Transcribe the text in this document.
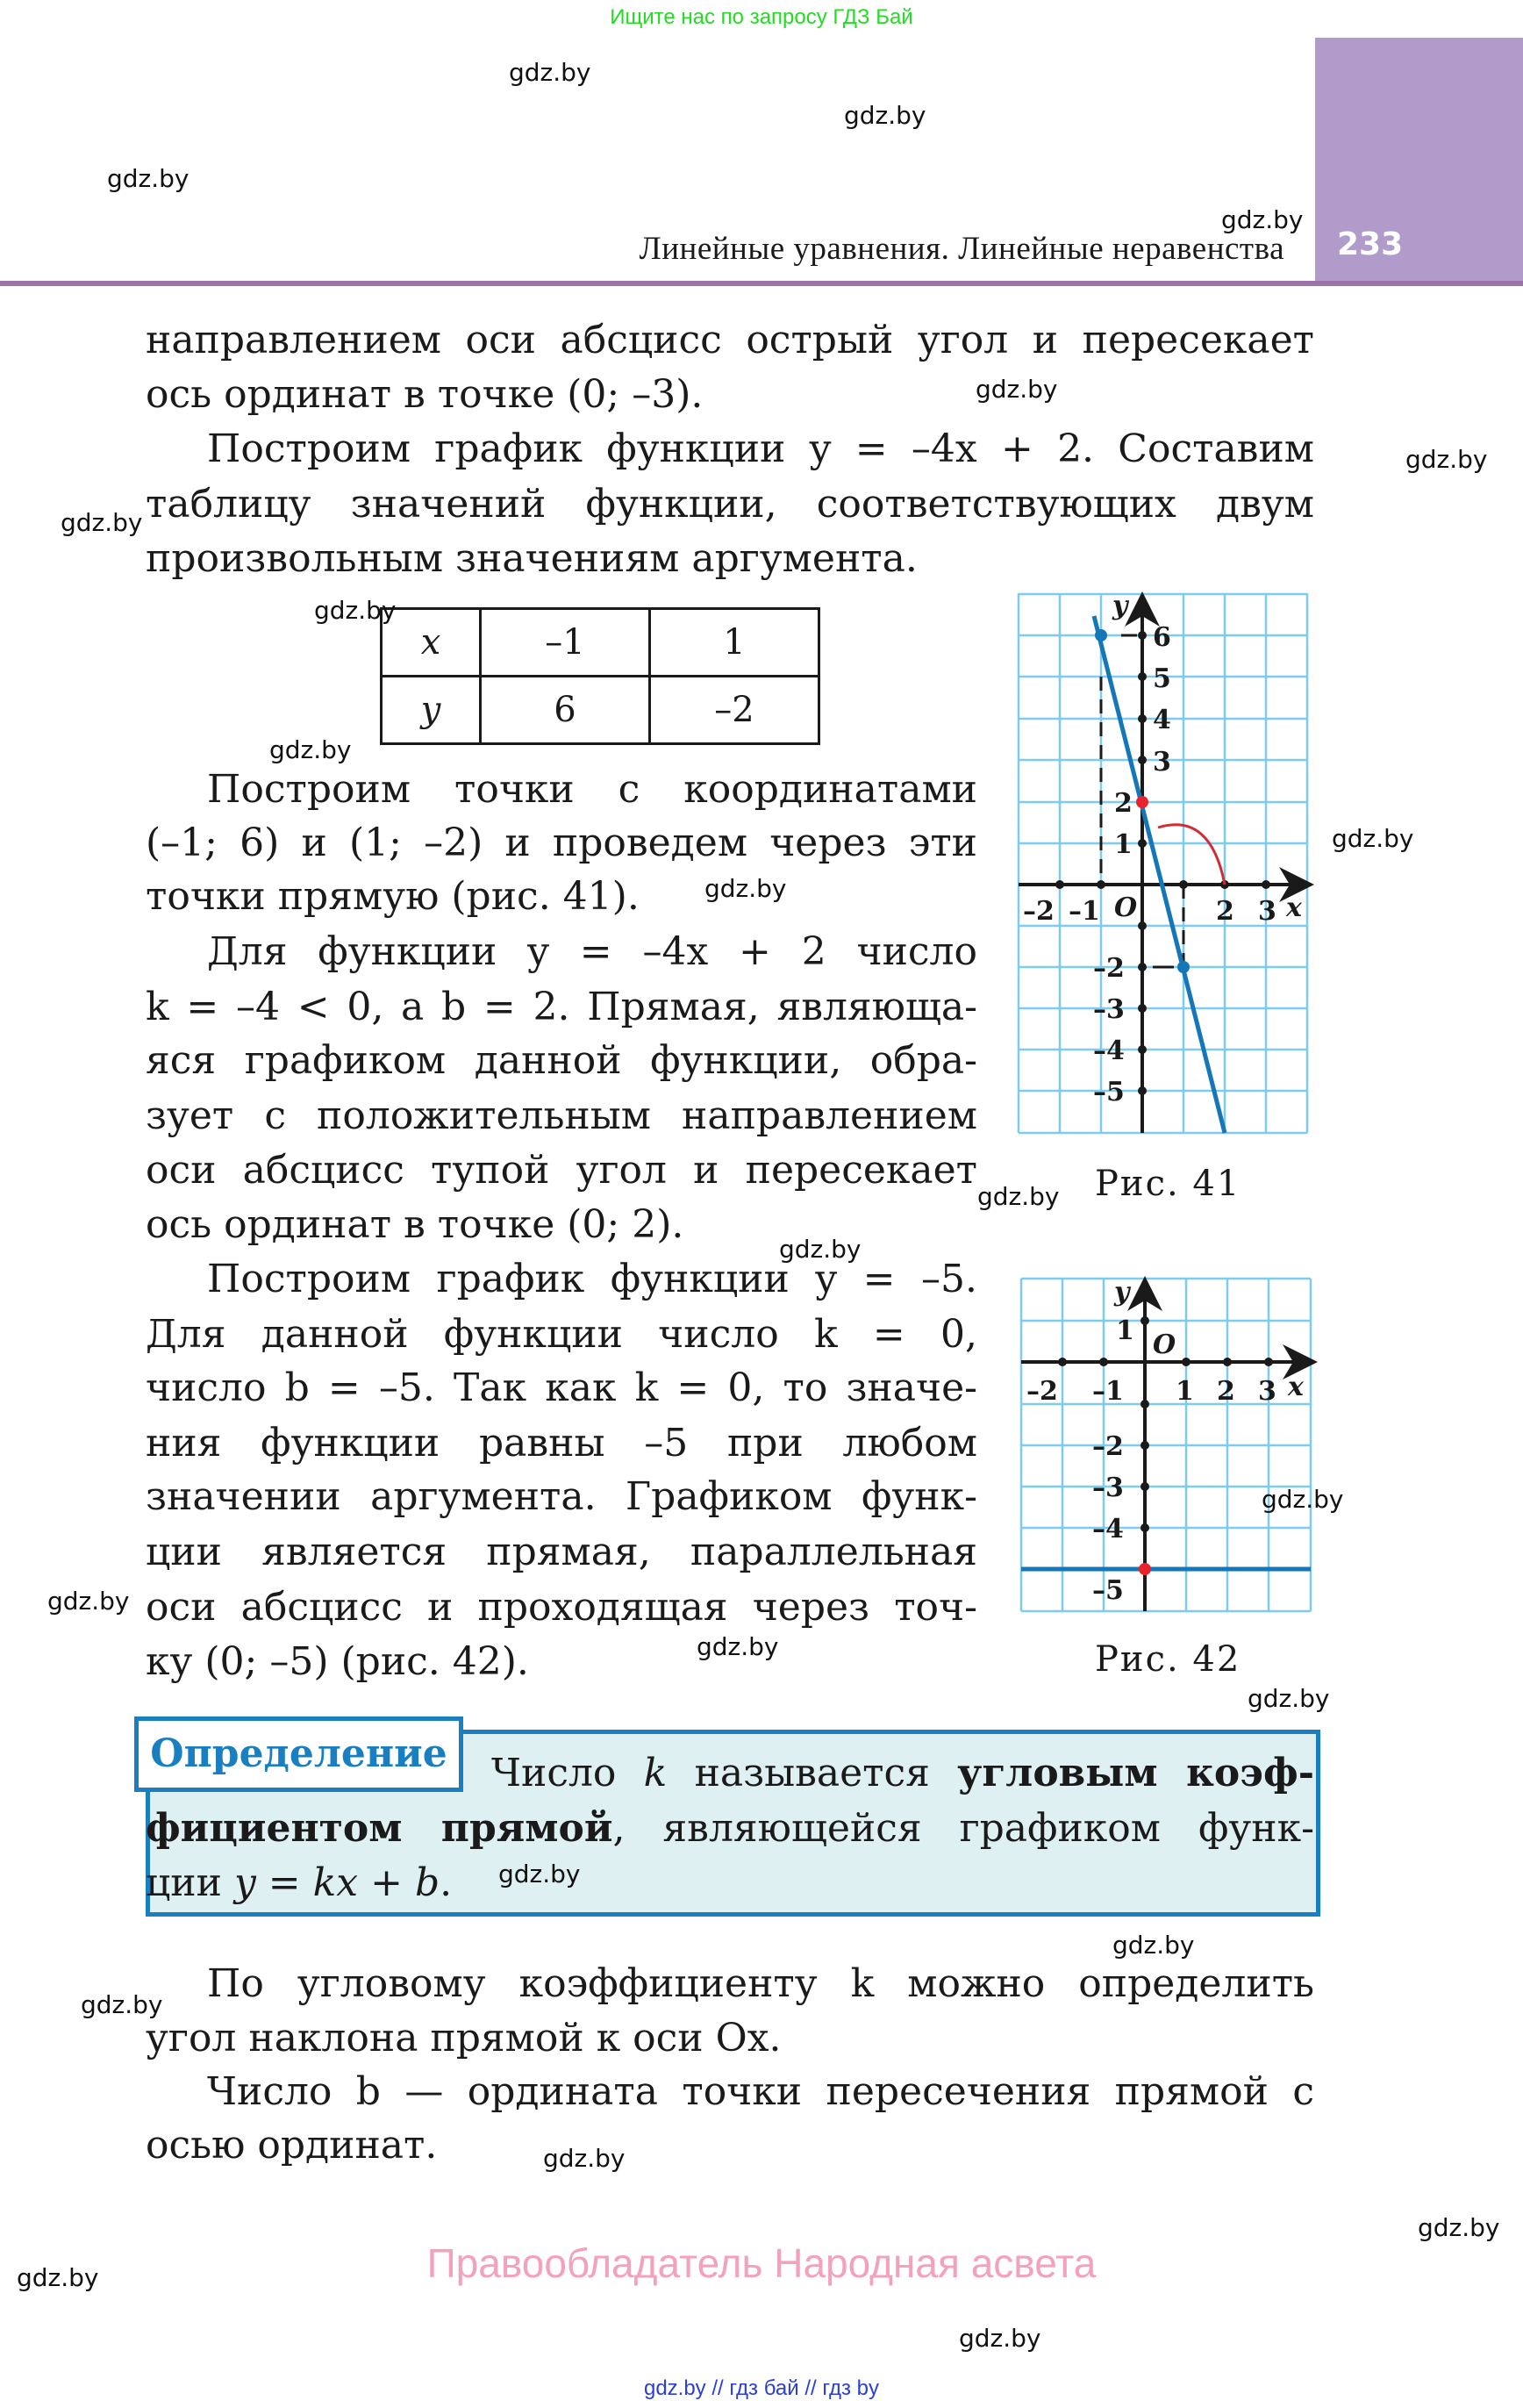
Ищите нас по запросу ГДЗ Бай
233
Линейные уравнения. Линейные неравенства
направлением оси абсцисс острый угол и пересекает
ось ординат в точке (0; –3).
Построим график функции y = –4x + 2. Составим
таблицу значений функции, соответствующих двум
произвольным значениям аргумента.
x	–1	1
y	6	–2
Построим точки с координатами
(–1; 6) и (1; –2) и проведем через эти
точки прямую (рис. 41).
Для функции y = –4x + 2 число
k = –4 < 0, а b = 2. Прямая, являюща-
яся графиком данной функции, обра-
зует с положительным направлением
оси абсцисс тупой угол и пересекает
ось ординат в точке (0; 2).
Построим график функции y = –5.
Для данной функции число k = 0,
число b = –5. Так как k = 0, то значе-
ния функции равны –5 при любом
значении аргумента. Графиком функ-
ции является прямая, параллельная
оси абсцисс и проходящая через точ-
ку (0; –5) (рис. 42).
y
6
5
4
3
2
1
–2 –1 O	2 3 x
–2
–3
–4
–5
Рис. 41
y
1 O
–2 –1 1 2 3 x
–2
–3
–4
–5
Рис. 42
Определение	Число k называется угловым коэф-
фициентом прямой, являющейся графиком функ-
ции y = kx + b.
По угловому коэффициенту k можно определить
угол наклона прямой к оси Ox.
Число b — ордината точки пересечения прямой с
осью ординат.
gdz.by
gdz.by
gdz.by
gdz.by
gdz.by
gdz.by
gdz.by
gdz.by
gdz.by
gdz.by
gdz.by
gdz.by
gdz.by
gdz.by
gdz.by
gdz.by
gdz.by
gdz.by
gdz.by
gdz.by
gdz.by
gdz.by
gdz.by
gdz.by
Правообладатель Народная асвета
gdz.by // гдз бай // гдз by
